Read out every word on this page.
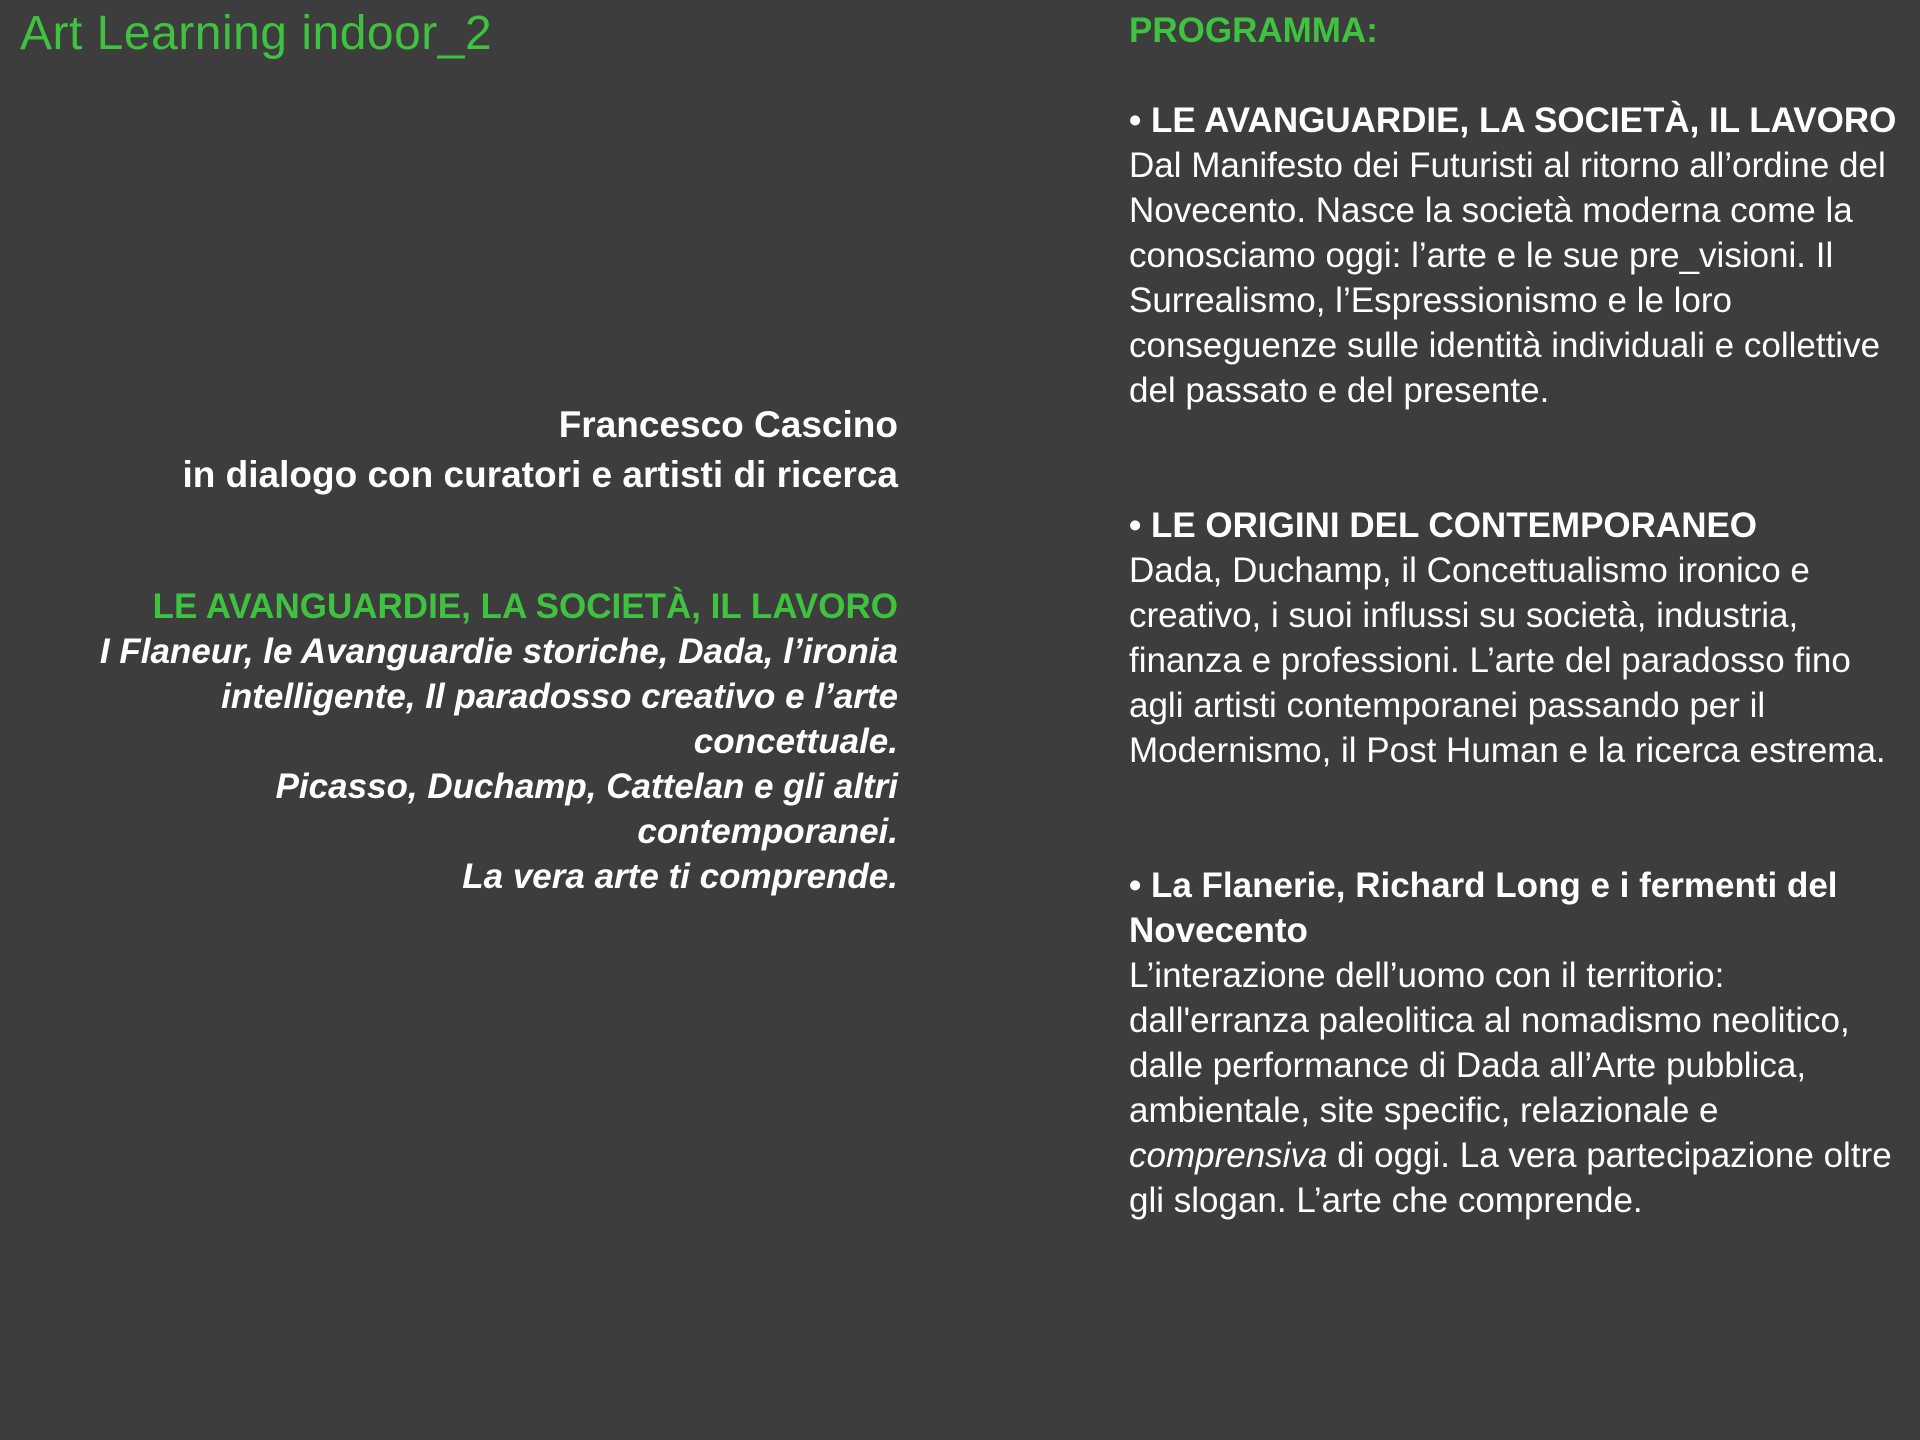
Art Learning indoor_2
Francesco Cascino
in dialogo con curatori e artisti di ricerca
LE AVANGUARDIE, LA SOCIETÀ, IL LAVORO
I Flaneur, le Avanguardie storiche, Dada, l’ironia intelligente, Il paradosso creativo e l’arte concettuale.
Picasso, Duchamp, Cattelan e gli altri contemporanei.
La vera arte ti comprende.
PROGRAMMA:
• LE AVANGUARDIE, LA SOCIETÀ, IL LAVORO
Dal Manifesto dei Futuristi al ritorno all’ordine del Novecento. Nasce la società moderna come la conosciamo oggi: l’arte e le sue pre_visioni. Il Surrealismo, l’Espressionismo e le loro conseguenze sulle identità individuali e collettive del passato e del presente.
• LE ORIGINI DEL CONTEMPORANEO
Dada, Duchamp, il Concettualismo ironico e creativo, i suoi influssi su società, industria, finanza e professioni. L’arte del paradosso fino agli artisti contemporanei passando per il Modernismo, il Post Human e la ricerca estrema.
• La Flanerie, Richard Long e i fermenti del Novecento
L’interazione dell’uomo con il territorio: dall'erranza paleolitica al nomadismo neolitico, dalle performance di Dada all’Arte pubblica, ambientale, site specific, relazionale e comprensiva di oggi. La vera partecipazione oltre gli slogan. L’arte che comprende.
